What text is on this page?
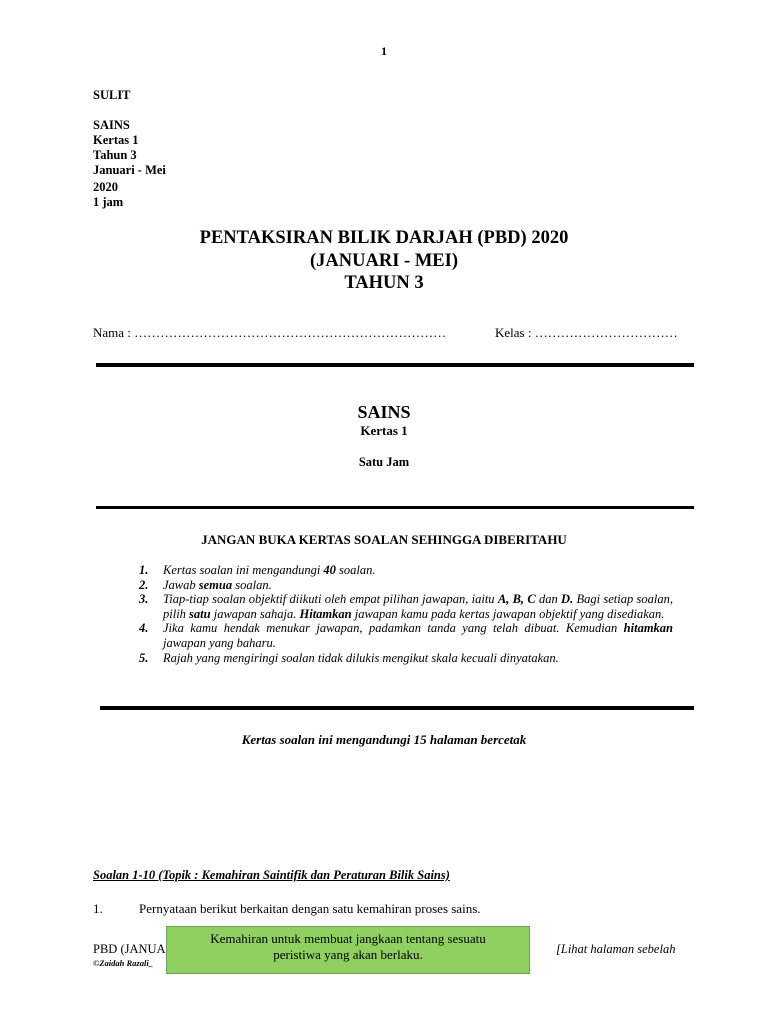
1
SULIT
SAINS
Kertas 1
Tahun 3
Januari - Mei
2020
1 jam
PENTAKSIRAN BILIK DARJAH (PBD) 2020
(JANUARI - MEI)
TAHUN 3
Nama : ………………………………………………………………	Kelas : ……………………………
SAINS
Kertas 1
Satu Jam
JANGAN BUKA KERTAS SOALAN SEHINGGA DIBERITAHU
1.	Kertas soalan ini mengandungi 40 soalan.
2.	Jawab semua soalan.
3.	Tiap-tiap soalan objektif diikuti oleh empat pilihan jawapan, iaitu A, B, C dan D. Bagi setiap soalan, pilih satu jawapan sahaja. Hitamkan jawapan kamu pada kertas jawapan objektif yang disediakan.
4.	Jika kamu hendak menukar jawapan, padamkan tanda yang telah dibuat. Kemudian hitamkan jawapan yang baharu.
5.	Rajah yang mengiringi soalan tidak dilukis mengikut skala kecuali dinyatakan.
Kertas soalan ini mengandungi 15 halaman bercetak
Soalan 1-10 (Topik : Kemahiran Saintifik dan Peraturan Bilik Sains)
1.	Pernyataan berikut berkaitan dengan satu kemahiran proses sains.
PBD (JANUA
©Zaidah Razali_
[Lihat halaman sebelah
Kemahiran untuk membuat jangkaan tentang sesuatu
peristiwa yang akan berlaku.
